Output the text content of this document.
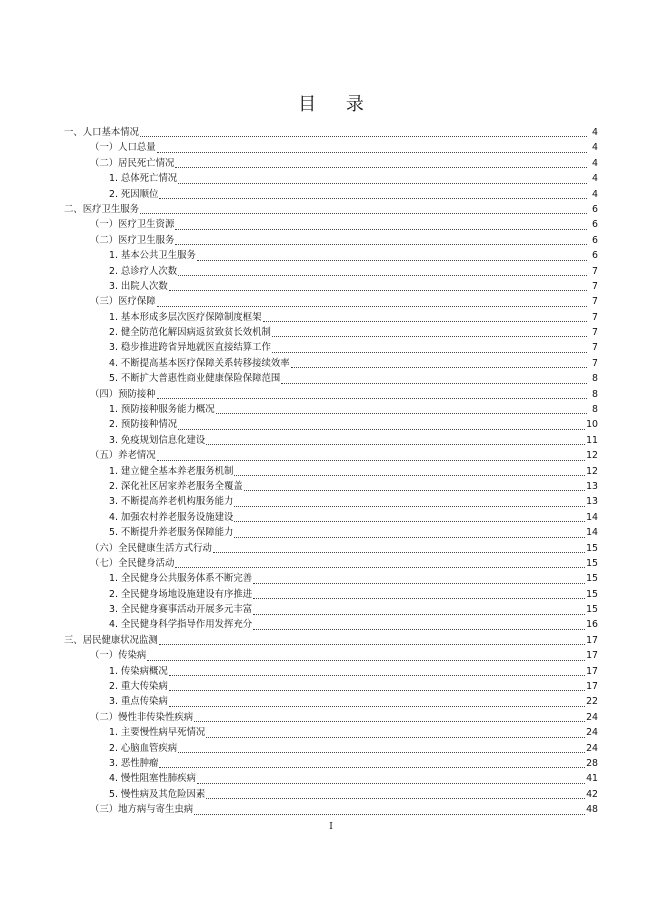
目 录
一、人口基本情况	4
（一）人口总量	4
（二）居民死亡情况	4
1. 总体死亡情况	4
2. 死因顺位	4
二、医疗卫生服务	6
（一）医疗卫生资源	6
（二）医疗卫生服务	6
1. 基本公共卫生服务	6
2. 总诊疗人次数	7
3. 出院人次数	7
（三）医疗保障	7
1. 基本形成多层次医疗保障制度框架	7
2. 健全防范化解因病返贫致贫长效机制	7
3. 稳步推进跨省异地就医直接结算工作	7
4. 不断提高基本医疗保障关系转移接续效率	7
5. 不断扩大普惠性商业健康保险保障范围	8
（四）预防接种	8
1. 预防接种服务能力概况	8
2. 预防接种情况	10
3. 免疫规划信息化建设	11
（五）养老情况	12
1. 建立健全基本养老服务机制	12
2. 深化社区居家养老服务全覆盖	13
3. 不断提高养老机构服务能力	13
4. 加强农村养老服务设施建设	14
5. 不断提升养老服务保障能力	14
（六）全民健康生活方式行动	15
（七）全民健身活动	15
1. 全民健身公共服务体系不断完善	15
2. 全民健身场地设施建设有序推进	15
3. 全民健身赛事活动开展多元丰富	15
4. 全民健身科学指导作用发挥充分	16
三、居民健康状况监测	17
（一）传染病	17
1. 传染病概况	17
2. 重大传染病	17
3. 重点传染病	22
（二）慢性非传染性疾病	24
1. 主要慢性病早死情况	24
2. 心脑血管疾病	24
3. 恶性肿瘤	28
4. 慢性阻塞性肺疾病	41
5. 慢性病及其危险因素	42
（三）地方病与寄生虫病	48
I
